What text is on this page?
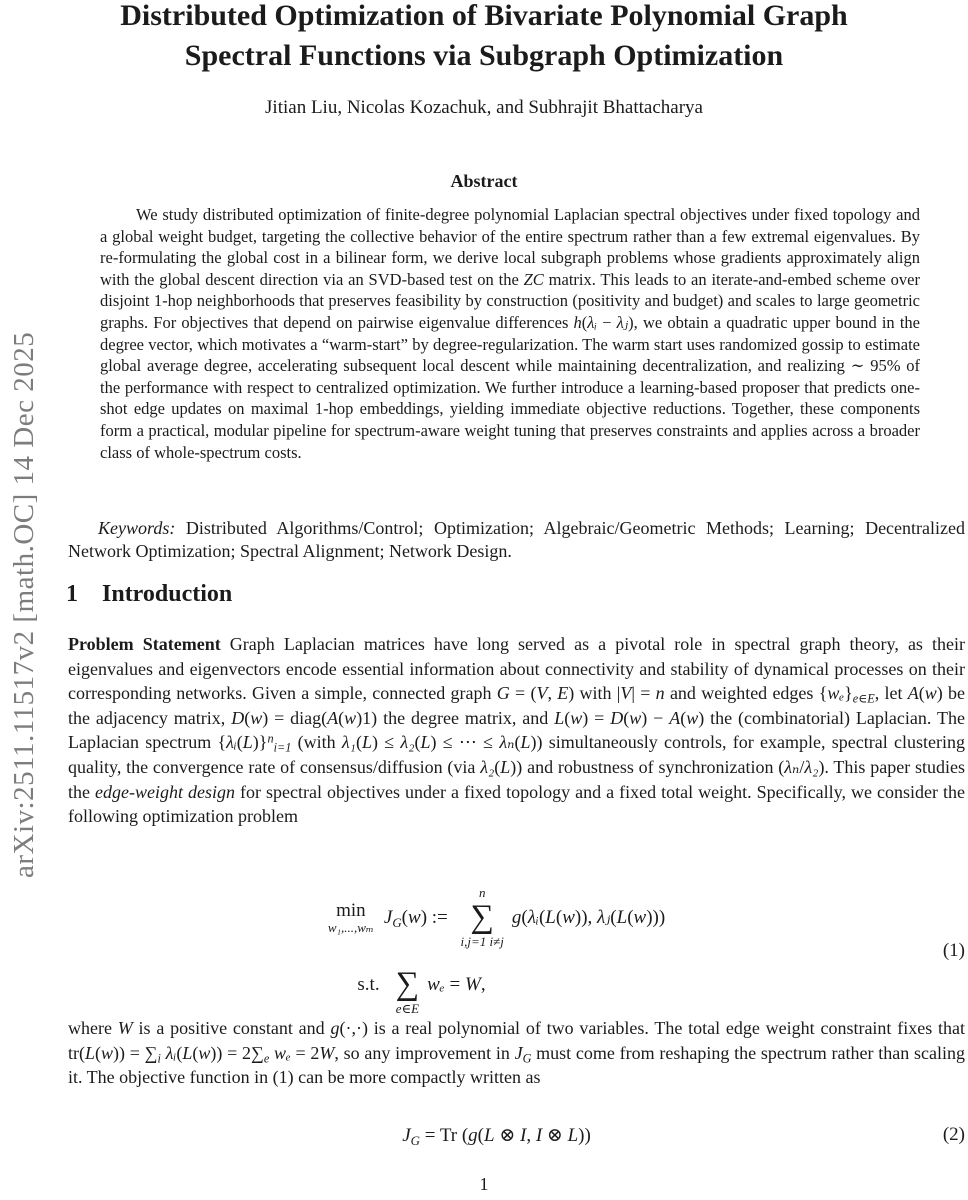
arXiv:2511.11517v2 [math.OC] 14 Dec 2025
Distributed Optimization of Bivariate Polynomial Graph
Spectral Functions via Subgraph Optimization
Jitian Liu, Nicolas Kozachuk, and Subhrajit Bhattacharya
Abstract
We study distributed optimization of finite-degree polynomial Laplacian spectral objectives under fixed topology and a global weight budget, targeting the collective behavior of the entire spectrum rather than a few extremal eigenvalues. By re-formulating the global cost in a bilinear form, we derive local subgraph problems whose gradients approximately align with the global descent direction via an SVD-based test on the ZC matrix. This leads to an iterate-and-embed scheme over disjoint 1-hop neighborhoods that preserves feasibility by construction (positivity and budget) and scales to large geometric graphs. For objectives that depend on pairwise eigenvalue differences h(λᵢ − λⱼ), we obtain a quadratic upper bound in the degree vector, which motivates a “warm-start” by degree-regularization. The warm start uses randomized gossip to estimate global average degree, accelerating subsequent local descent while maintaining decentralization, and realizing ∼ 95% of the performance with respect to centralized optimization. We further introduce a learning-based proposer that predicts one-shot edge updates on maximal 1-hop embeddings, yielding immediate objective reductions. Together, these components form a practical, modular pipeline for spectrum-aware weight tuning that preserves constraints and applies across a broader class of whole-spectrum costs.
Keywords: Distributed Algorithms/Control; Optimization; Algebraic/Geometric Methods; Learning; Decentralized Network Optimization; Spectral Alignment; Network Design.
1 Introduction
Problem Statement Graph Laplacian matrices have long served as a pivotal role in spectral graph theory, as their eigenvalues and eigenvectors encode essential information about connectivity and stability of dynamical processes on their corresponding networks. Given a simple, connected graph G = (V, E) with |V| = n and weighted edges $\{w_e\}_{e\in E}$, let A(w) be the adjacency matrix, D(w) = diag(A(w)1) the degree matrix, and L(w) = D(w) − A(w) the (combinatorial) Laplacian. The Laplacian spectrum {λᵢ(L)}$^n_{i=1}$ (with λ₁(L) ≤ λ₂(L) ≤ ⋯ ≤ λₙ(L)) simultaneously controls, for example, spectral clustering quality, the convergence rate of consensus/diffusion (via λ₂(L)) and robustness of synchronization (λₙ/λ₂). This paper studies the edge-weight design for spectral objectives under a fixed topology and a fixed total weight. Specifically, we consider the following optimization problem
min
w₁,...,wₘ $J_G(w)$ :=
n
∑
i,j=1 i≠j
g(λᵢ(L(w)), λⱼ(L(w)))
s.t. ∑
e∈E
wₑ = W,
(1)
where W is a positive constant and g(·,·) is a real polynomial of two variables. The total edge weight constraint fixes that $tr(L(w)) = \sum_i$ λᵢ(L(w)) = $2\sum_e$ wₑ = 2W, so any improvement in $J_G$ must come from reshaping the spectrum rather than scaling it. The objective function in (1) can be more compactly written as
$J_G = Tr$ (g(L ⊗ I, I ⊗ L))	(2)
1
